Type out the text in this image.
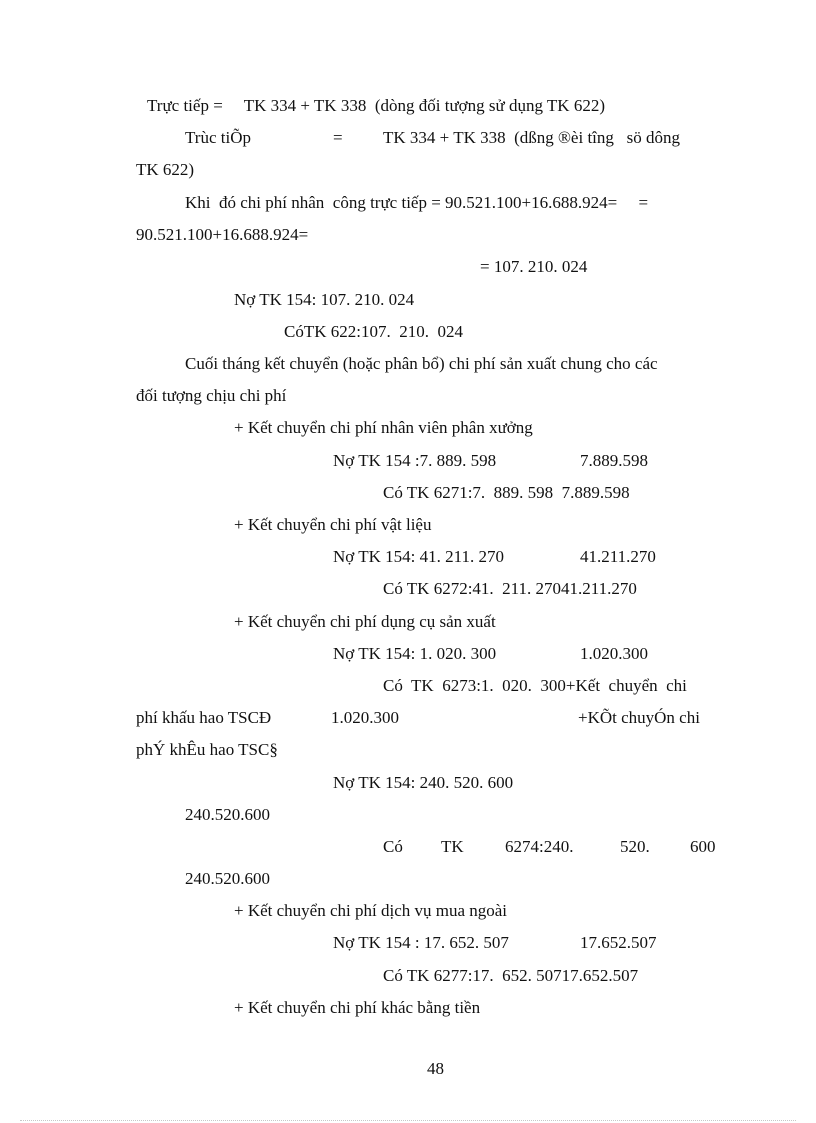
Trực tiếp =     TK 334 + TK 338  (dòng đối tượng sử dụng TK 622)
Trùc tiÕp	= TK 334 + TK 338  (dßng ®èi tîng   sö dông
TK 622)
Khi  đó chi phí nhân  công trực tiếp = 90.521.100+16.688.924=     =
90.521.100+16.688.924=
= 107. 210. 024
Nợ TK 154: 107. 210. 024
CóTK 622:107.  210.  024
Cuối tháng kết chuyển (hoặc phân bổ) chi phí sản xuất chung cho các
đối tượng chịu chi phí
+ Kết chuyển chi phí nhân viên phân xưởng
Nợ TK 154 :7. 889. 598	7.889.598
Có TK 6271:7.  889. 598  7.889.598
+ Kết chuyển chi phí vật liệu
Nợ TK 154: 41. 211. 270	41.211.270
Có TK 6272:41.  211. 27041.211.270
+ Kết chuyển chi phí dụng cụ sản xuất
Nợ TK 154: 1. 020. 300	1.020.300
Có  TK  6273:1.  020.  300+Kết  chuyển  chi
phí khấu hao TSCĐ	1.020.300	+KÕt chuyÓn chi
phÝ khÊu hao TSC§
Nợ TK 154: 240. 520. 600
240.520.600
Có TK 6274:240.	520. 600
240.520.600
+ Kết chuyển chi phí dịch vụ mua ngoài
Nợ TK 154 : 17. 652. 507	17.652.507
Có TK 6277:17.  652. 50717.652.507
+ Kết chuyển chi phí khác bằng tiền
48
